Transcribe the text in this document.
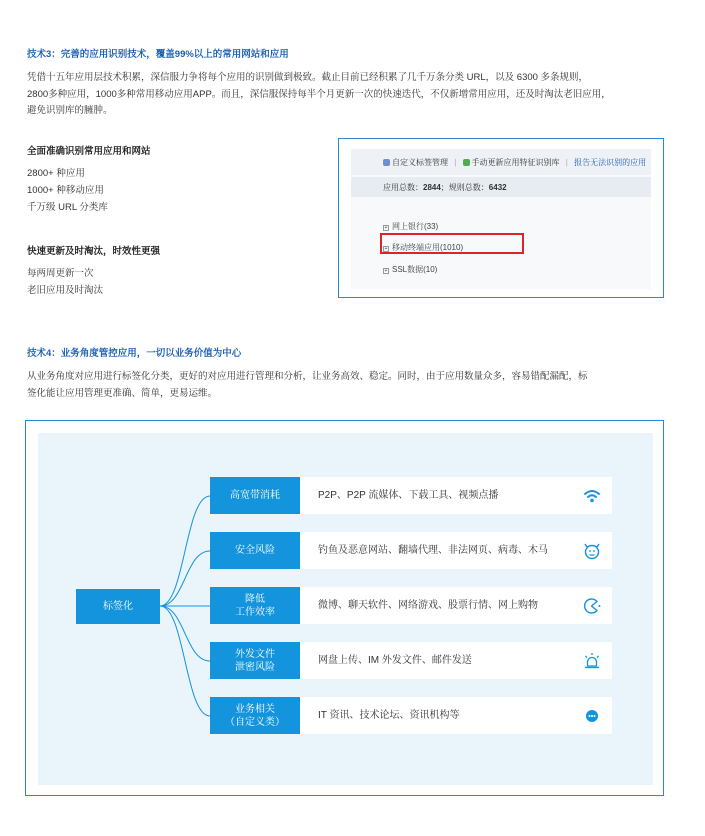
技术3：完善的应用识别技术，覆盖99%以上的常用网站和应用
凭借十五年应用层技术积累，深信服力争将每个应用的识别做到极致。截止目前已经积累了几千万条分类 URL，以及 6300 多条规则，
2800多种应用，1000多种常用移动应用APP。而且，深信服保持每半个月更新一次的快速迭代，不仅新增常用应用，还及时淘汰老旧应用，
避免识别库的臃肿。
全面准确识别常用应用和网站
2800+ 种应用
1000+ 种移动应用
千万级 URL 分类库
快速更新及时淘汰，时效性更强
每两周更新一次
老旧应用及时淘汰
自定义标签管理 | 手动更新应用特征识别库 | 报告无法识别的应用
应用总数：2844；规则总数：6432
+ 网上银行(33)
+ 移动终端应用(1010)
+ SSL数据(10)
技术4：业务角度管控应用，一切以业务价值为中心
从业务角度对应用进行标签化分类，更好的对应用进行管理和分析，让业务高效、稳定。同时，由于应用数量众多，容易错配漏配，标
签化能让应用管理更准确、简单，更易运维。
标签化
高宽带消耗	P2P、P2P 流媒体、下载工具、视频点播
安全风险	钓鱼及恶意网站、翻墙代理、非法网页、病毒、木马
降低
工作效率
微博、聊天软件、网络游戏、股票行情、网上购物
外发文件
泄密风险
网盘上传、IM 外发文件、邮件发送
业务相关
（自定义类）
IT 资讯、技术论坛、资讯机构等
